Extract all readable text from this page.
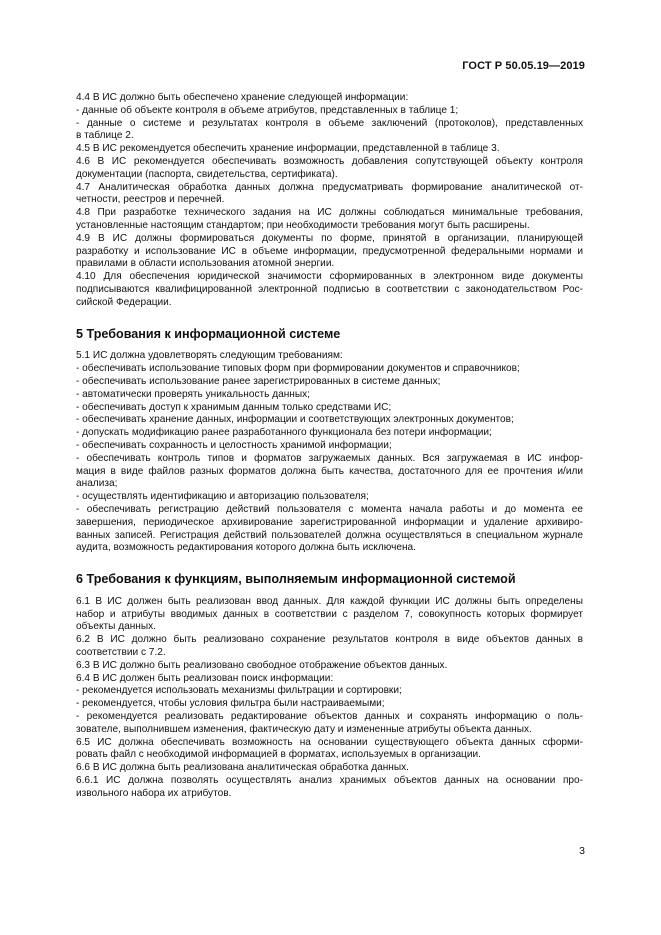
ГОСТ Р 50.05.19—2019
4.4 В ИС должно быть обеспечено хранение следующей информации:
- данные об объекте контроля в объеме атрибутов, представленных в таблице 1;
- данные о системе и результатах контроля в объеме заключений (протоколов), представленных
в таблице 2.
4.5 В ИС рекомендуется обеспечить хранение информации, представленной в таблице 3.
4.6 В ИС рекомендуется обеспечивать возможность добавления сопутствующей объекту контроля
документации (паспорта, свидетельства, сертификата).
4.7 Аналитическая обработка данных должна предусматривать формирование аналитической от-
четности, реестров и перечней.
4.8 При разработке технического задания на ИС должны соблюдаться минимальные требования,
установленные настоящим стандартом; при необходимости требования могут быть расширены.
4.9 В ИС должны формироваться документы по форме, принятой в организации, планирующей
разработку и использование ИС в объеме информации, предусмотренной федеральными нормами и
правилами в области использования атомной энергии.
4.10 Для обеспечения юридической значимости сформированных в электронном виде документы
подписываются квалифицированной электронной подписью в соответствии с законодательством Рос-
сийской Федерации.
5 Требования к информационной системе
5.1 ИС должна удовлетворять следующим требованиям:
- обеспечивать использование типовых форм при формировании документов и справочников;
- обеспечивать использование ранее зарегистрированных в системе данных;
- автоматически проверять уникальность данных;
- обеспечивать доступ к хранимым данным только средствами ИС;
- обеспечивать хранение данных, информации и соответствующих электронных документов;
- допускать модификацию ранее разработанного функционала без потери информации;
- обеспечивать сохранность и целостность хранимой информации;
- обеспечивать контроль типов и форматов загружаемых данных. Вся загружаемая в ИС инфор-
мация в виде файлов разных форматов должна быть качества, достаточного для ее прочтения и/или
анализа;
- осуществлять идентификацию и авторизацию пользователя;
- обеспечивать регистрацию действий пользователя с момента начала работы и до момента ее
завершения, периодическое архивирование зарегистрированной информации и удаление архивиро-
ванных записей. Регистрация действий пользователей должна осуществляться в специальном журнале
аудита, возможность редактирования которого должна быть исключена.
6 Требования к функциям, выполняемым информационной системой
6.1 В ИС должен быть реализован ввод данных. Для каждой функции ИС должны быть определены
набор и атрибуты вводимых данных в соответствии с разделом 7, совокупность которых формирует
объекты данных.
6.2 В ИС должно быть реализовано сохранение результатов контроля в виде объектов данных в
соответствии с 7.2.
6.3 В ИС должно быть реализовано свободное отображение объектов данных.
6.4 В ИС должен быть реализован поиск информации:
- рекомендуется использовать механизмы фильтрации и сортировки;
- рекомендуется, чтобы условия фильтра были настраиваемыми;
- рекомендуется реализовать редактирование объектов данных и сохранять информацию о поль-
зователе, выполнившем изменения, фактическую дату и измененные атрибуты объекта данных.
6.5 ИС должна обеспечивать возможность на основании существующего объекта данных сформи-
ровать файл с необходимой информацией в форматах, используемых в организации.
6.6 В ИС должна быть реализована аналитическая обработка данных.
6.6.1 ИС должна позволять осуществлять анализ хранимых объектов данных на основании про-
извольного набора их атрибутов.
3
